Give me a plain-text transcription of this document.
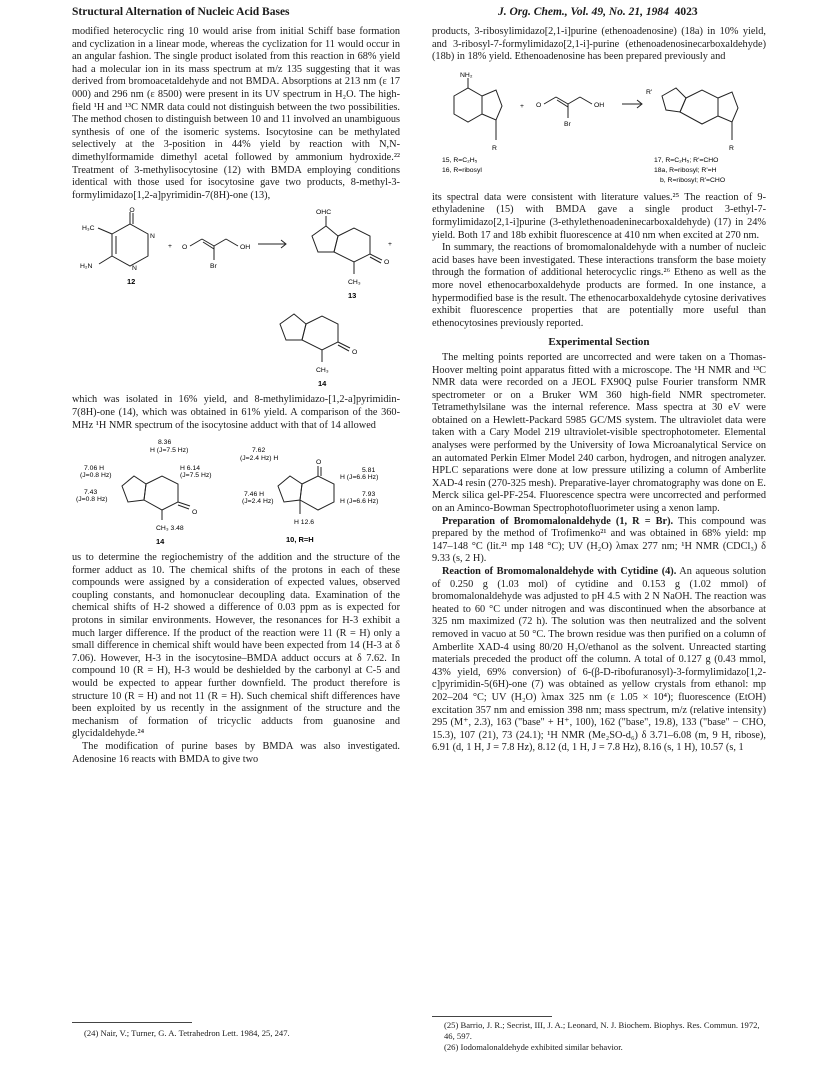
Structural Alternation of Nucleic Acid Bases	J. Org. Chem., Vol. 49, No. 21, 1984 4023

modified heterocyclic ring 10 would arise from initial Schiff base formation and cyclization in a linear mode, whereas the cyclization for 11 would occur in an angular fashion. The single product isolated from this reaction in 68% yield had a molecular ion in its mass spectrum at m/z 135 suggesting that it was derived from bromoacetaldehyde and not BMDA. Absorptions at 213 nm (ε 17 000) and 296 nm (ε 8500) were present in its UV spectrum in H₂O. The high-field ¹H and ¹³C NMR data could not distinguish between the two possibilities. The method chosen to distinguish between 10 and 11 involved an unambiguous synthesis of one of the isomeric systems. Isocytosine can be methylated selectively at the 3-position in 44% yield by reaction with N,N-dimethylformamide dimethyl acetal followed by ammonium hydroxide.²² Treatment of 3-methylisocytosine (12) with BMDA employing conditions identical with those used for isocytosine gave two products, 8-methyl-3-formylimidazo[1,2-a]pyrimidin-7(8H)-one (13),

O
H₃C
H₂N
N
N
12
+ O	OH
Br
OHC
O
CH₃
13
+
O
CH₃
14

which was isolated in 16% yield, and 8-methylimidazo-[1,2-a]pyrimidin-7(8H)-one (14), which was obtained in 61% yield. A comparison of the 360-MHz ¹H NMR spectrum of the isocytosine adduct with that of 14 allowed

8.36
H (J=7.5 Hz)
7.06 H
(J=0.8 Hz)
H 6.14
(J=7.5 Hz)
7.43
(J=0.8 Hz)
O
CH₃ 3.48
14
7.62
(J=2.4 Hz) H
7.46 H
(J=2.4 Hz)
O
5.81
H (J=6.6 Hz)
7.93
H (J=6.6 Hz)
H 12.6
10, R=H

us to determine the regiochemistry of the addition and the structure of the former adduct as 10. The chemical shifts of the protons in each of these compounds were assigned by a consideration of expected values, observed coupling constants, and homonuclear decoupling data. Examination of the chemical shifts of H-2 showed a difference of 0.03 ppm as is expected for protons in similar environments. However, the resonances for H-3 exhibit a much larger difference. If the product of the reaction were 11 (R = H) only a small difference in chemical shift would have been expected from 14 (H-3 at δ 7.06). However, H-3 in the isocytosine–BMDA adduct occurs at δ 7.62. In compound 10 (R = H), H-3 would be deshielded by the carbonyl at C-5 and would be expected to appear further downfield. The product therefore is structure 10 (R = H) and not 11 (R = H). Such chemical shift differences have been exploited by us recently in the assignment of the structure and the mechanism of formation of tricyclic adducts from guanosine and glycidaldehyde.²⁴

The modification of purine bases by BMDA was also investigated. Adenosine 16 reacts with BMDA to give two

products, 3-ribosylimidazo[2,1-i]purine (ethenoadenosine) (18a) in 10% yield, and 3-ribosyl-7-formylimidazo[2,1-i]-purine (ethenoadenosinecarboxaldehyde) (18b) in 18% yield. Ethenoadenosine has been prepared previously and

NH₂
R
15, R=C₂H₅
16, R=ribosyl
+ O	OH
Br
R'
R
17, R=C₂H₅; R'=CHO
18a, R=ribosyl; R'=H
b, R=ribosyl; R'=CHO

its spectral data were consistent with literature values.²⁵ The reaction of 9-ethyladenine (15) with BMDA gave a single product 3-ethyl-7-formylimidazo[2,1-i]purine (3-ethylethenoadeninecarboxaldehyde) (17) in 24% yield. Both 17 and 18b exhibit fluorescence at 410 nm when excited at 270 nm.

In summary, the reactions of bromomalonaldehyde with a number of nucleic acid bases have been investigated. These interactions transform the base moiety through the formation of additional heterocyclic rings.²⁶ Etheno as well as the more novel ethenocarboxaldehyde products are formed. In one instance, a hypermodified base is the result. The ethenocarboxaldehyde cytosine derivatives exhibit fluorescence properties that are potentially more useful than ethenocytosines previously reported.

Experimental Section

The melting points reported are uncorrected and were taken on a Thomas-Hoover melting point apparatus fitted with a microscope. The ¹H NMR and ¹³C NMR data were recorded on a JEOL FX90Q pulse Fourier transform NMR spectrometer or on a Bruker WM 360 high-field NMR spectrometer. Tetramethylsilane was the internal reference. Mass spectra at 30 eV were obtained on a Hewlett-Packard 5985 GC/MS system. The ultraviolet data were taken with a Cary Model 219 ultraviolet-visible spectrophotometer. Elemental analyses were performed by the University of Iowa Microanalytical Service on an automated Perkin Elmer Model 240 carbon, hydrogen, and nitrogen analyzer. HPLC separations were done at low pressure utilizing a column of Amberlite XAD-4 resin (270-325 mesh). Preparative-layer chromatography was done on E. Merck silica gel-PF-254. Fluorescence spectra were uncorrected and performed on an Aminco-Bowman Spectrophotofluorimeter using a xenon lamp.

Preparation of Bromomalonaldehyde (1, R = Br). This compound was prepared by the method of Trofimenko²¹ and was obtained in 68% yield: mp 147–148 °C (lit.²¹ mp 148 °C); UV (H₂O) λmax 277 nm; ¹H NMR (CDCl₃) δ 9.33 (s, 2 H).

Reaction of Bromomalonaldehyde with Cytidine (4). An aqueous solution of 0.250 g (1.03 mol) of cytidine and 0.153 g (1.02 mmol) of bromomalonaldehyde was adjusted to pH 4.5 with 2 N NaOH. The reaction was heated to 60 °C under nitrogen and was discontinued when the absorbance at 325 nm maximized (72 h). The solution was then neutralized and the solvent removed in vacuo at 50 °C. The brown residue was then purified on a column of Amberlite XAD-4 using 80/20 H₂O/ethanol as the solvent. Unreacted starting materials preceded the product off the column. A total of 0.127 g (0.43 mmol, 43% yield, 69% conversion) of 6-(β-D-ribofuranosyl)-3-formylimidazo[1,2-c]pyrimidin-5(6H)-one (7) was obtained as yellow crystals from ethanol: mp 202–204 °C; UV (H₂O) λmax 325 nm (ε 1.05 × 10⁴); fluorescence (EtOH) excitation 357 nm and emission 398 nm; mass spectrum, m/z (relative intensity) 295 (M⁺, 2.3), 163 ("base" + H⁺, 100), 162 ("base", 19.8), 133 ("base" − CHO, 15.3), 107 (21), 73 (24.1); ¹H NMR (Me₂SO-d₆) δ 3.71–6.08 (m, 9 H, ribose), 6.91 (d, 1 H, J = 7.8 Hz), 8.12 (d, 1 H, J = 7.8 Hz), 8.16 (s, 1 H), 10.57 (s, 1

(24) Nair, V.; Turner, G. A. Tetrahedron Lett. 1984, 25, 247.
(25) Barrio, J. R.; Secrist, III, J. A.; Leonard, N. J. Biochem. Biophys. Res. Commun. 1972, 46, 597.
(26) Iodomalonaldehyde exhibited similar behavior.
